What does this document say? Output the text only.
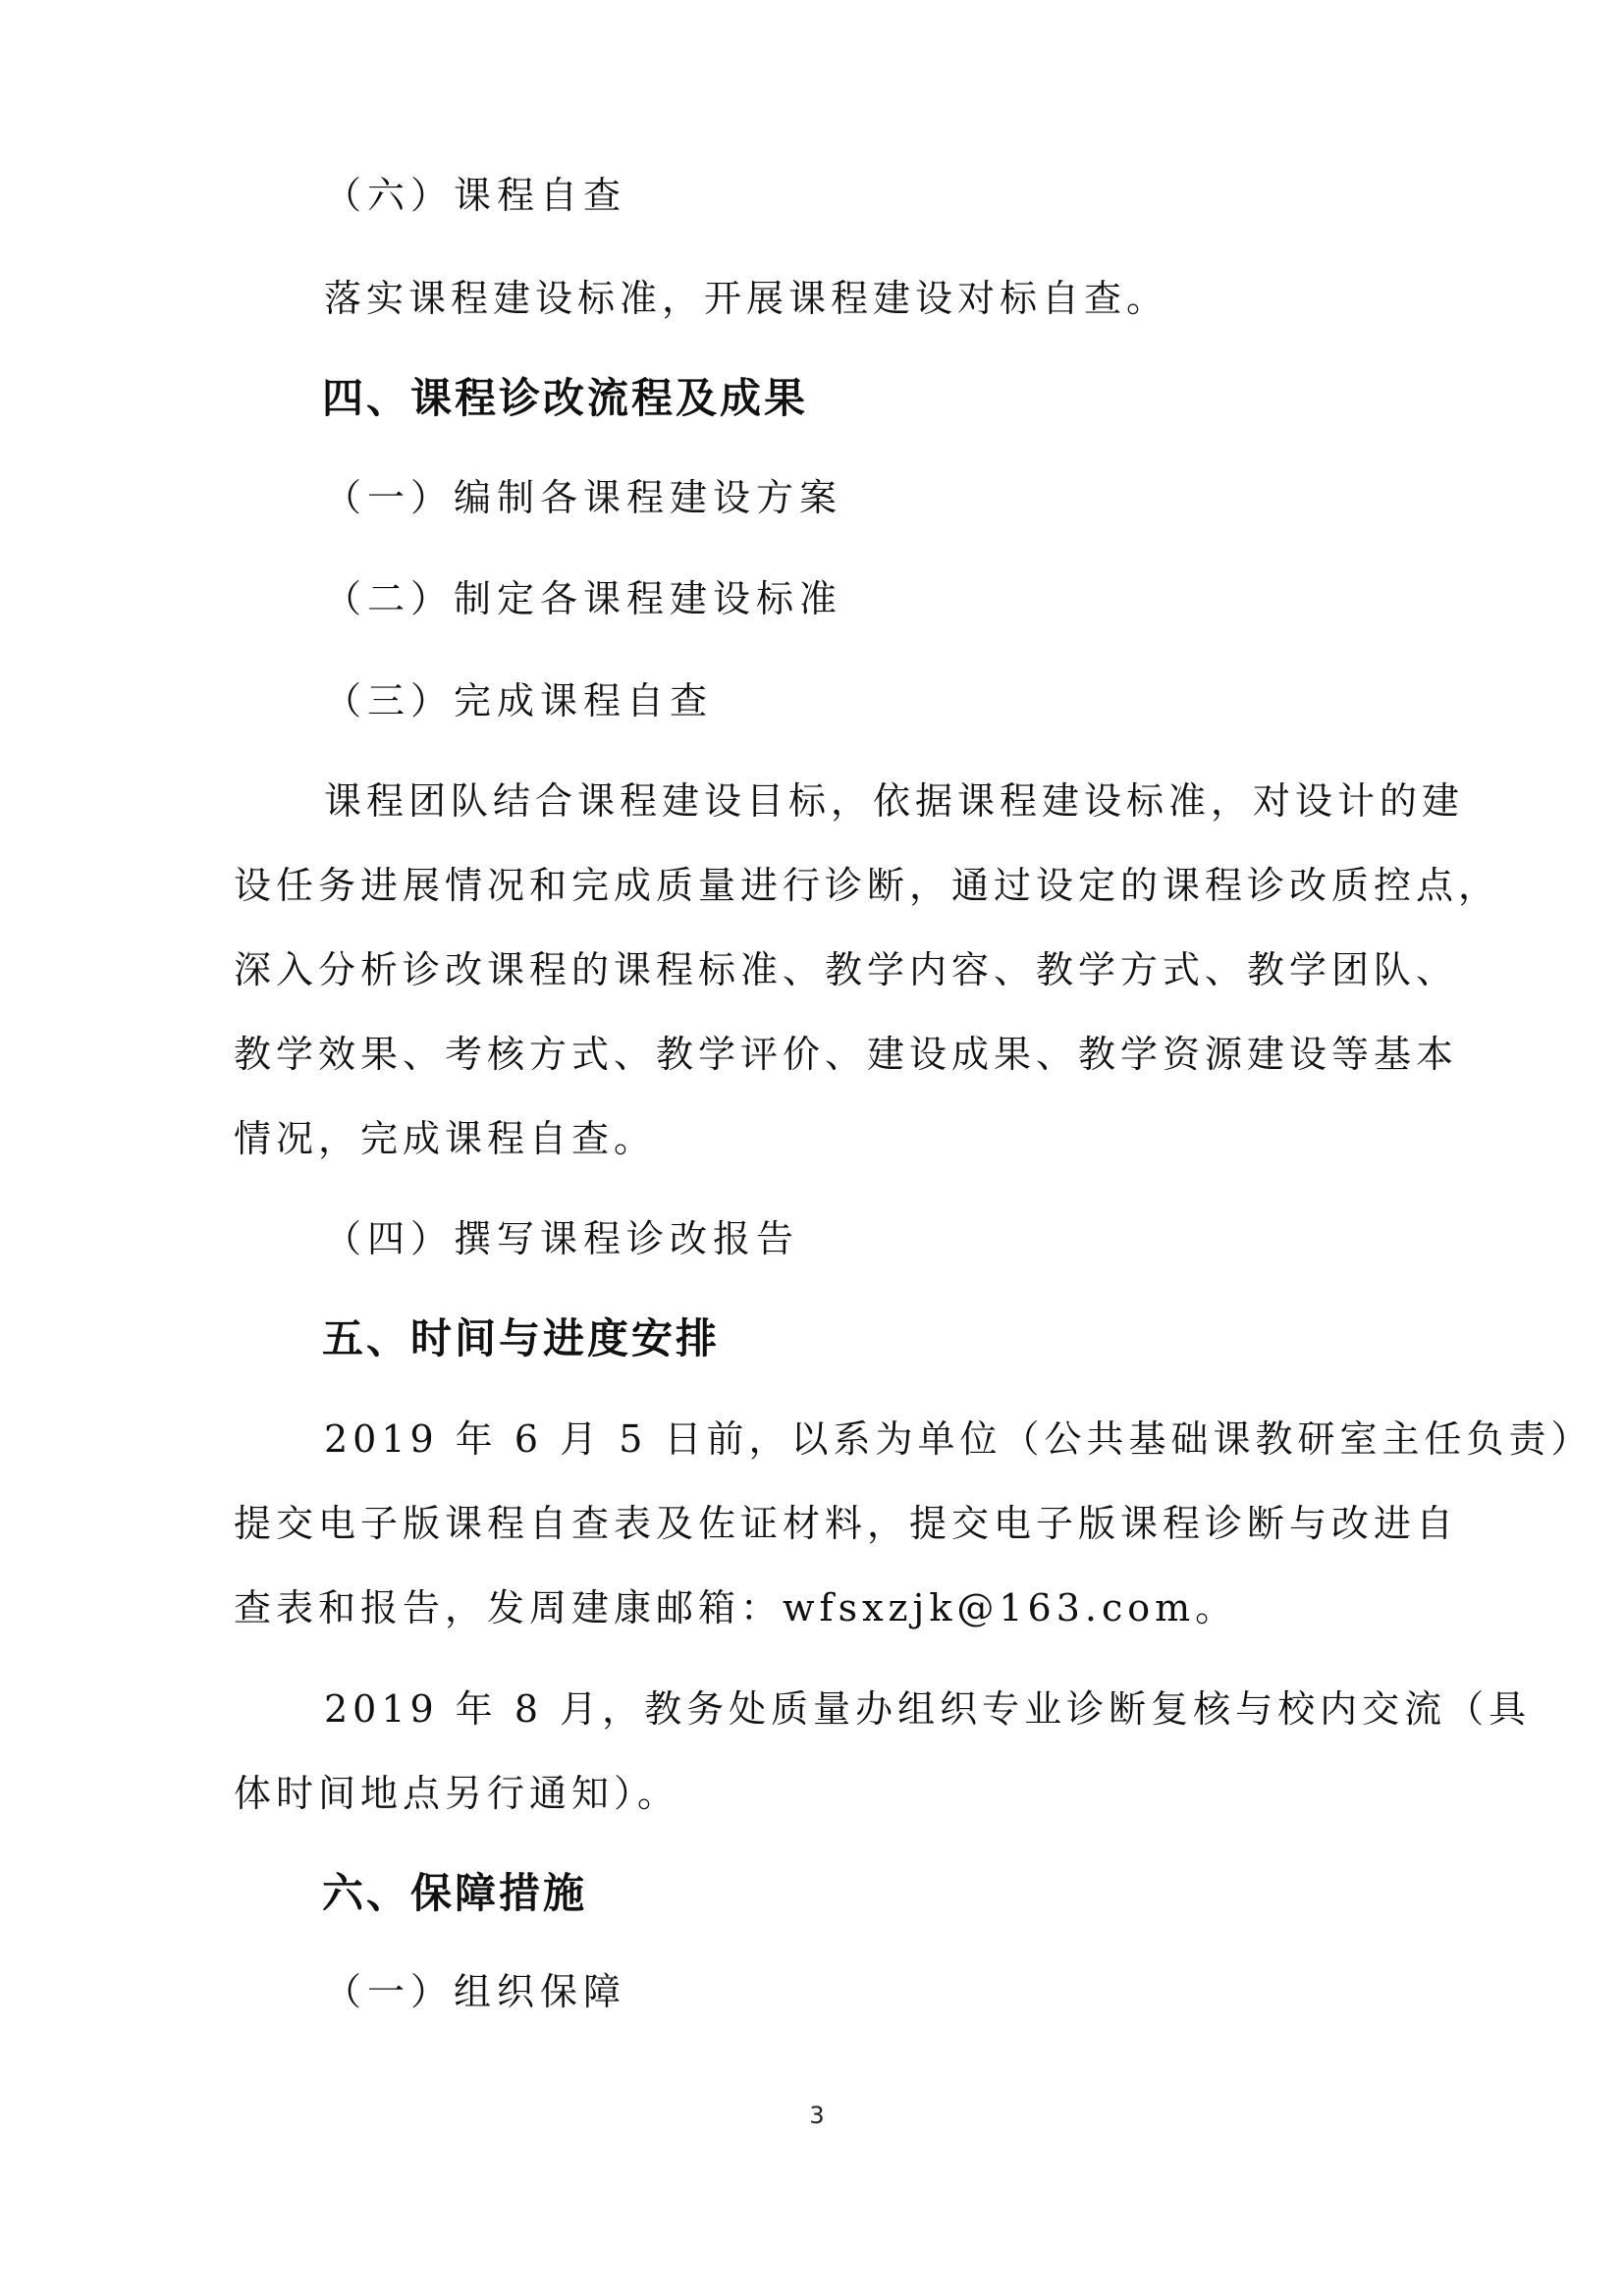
（六）课程自查

落实课程建设标准，开展课程建设对标自查。

四、课程诊改流程及成果

（一）编制各课程建设方案

（二）制定各课程建设标准

（三）完成课程自查

课程团队结合课程建设目标，依据课程建设标准，对设计的建

设任务进展情况和完成质量进行诊断，通过设定的课程诊改质控点，

深入分析诊改课程的课程标准、教学内容、教学方式、教学团队、

教学效果、考核方式、教学评价、建设成果、教学资源建设等基本

情况，完成课程自查。

（四）撰写课程诊改报告

五、时间与进度安排

2019 年 6 月 5 日前，以系为单位（公共基础课教研室主任负责）

提交电子版课程自查表及佐证材料，提交电子版课程诊断与改进自

查表和报告，发周建康邮箱：wfsxzjk@163.com。

2019 年 8 月，教务处质量办组织专业诊断复核与校内交流（具

体时间地点另行通知）。

六、保障措施

（一）组织保障

3
